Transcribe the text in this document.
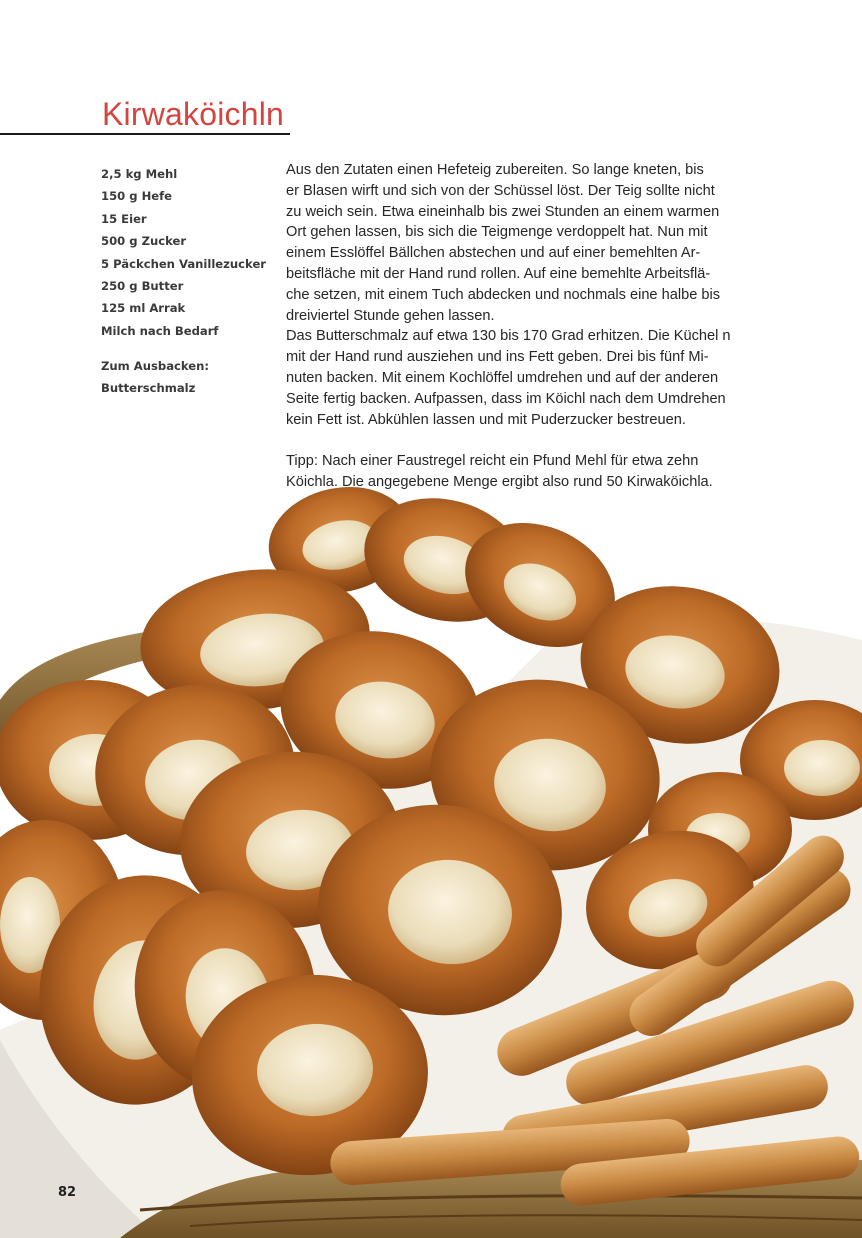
Kirwaköichln
2,5 kg Mehl
150 g Hefe
15 Eier
500 g Zucker
5 Päckchen Vanillezucker
250 g Butter
125 ml Arrak
Milch nach Bedarf
Zum Ausbacken:
Butterschmalz

Aus den Zutaten einen Hefeteig zubereiten. So lange kneten, bis

er Blasen wirft und sich von der Schüssel löst. Der Teig sollte nicht

zu weich sein. Etwa eineinhalb bis zwei Stunden an einem warmen

Ort gehen lassen, bis sich die Teigmenge verdoppelt hat. Nun mit

einem Esslöffel Bällchen abstechen und auf einer bemehlten Ar-

beitsfläche mit der Hand rund rollen. Auf eine bemehlte Arbeitsflä-

che setzen, mit einem Tuch abdecken und nochmals eine halbe bis

dreiviertel Stunde gehen lassen.

Das Butterschmalz auf etwa 130 bis 170 Grad erhitzen. Die Küchel n

mit der Hand rund ausziehen und ins Fett geben. Drei bis fünf Mi-

nuten backen. Mit einem Kochlöffel umdrehen und auf der anderen

Seite fertig backen. Aufpassen, dass im Köichl nach dem Umdrehen

kein Fett ist. Abkühlen lassen und mit Puderzucker bestreuen.

Tipp: Nach einer Faustregel reicht ein Pfund Mehl für etwa zehn

Köichla. Die angegebene Menge ergibt also rund 50 Kirwaköichla.

82
